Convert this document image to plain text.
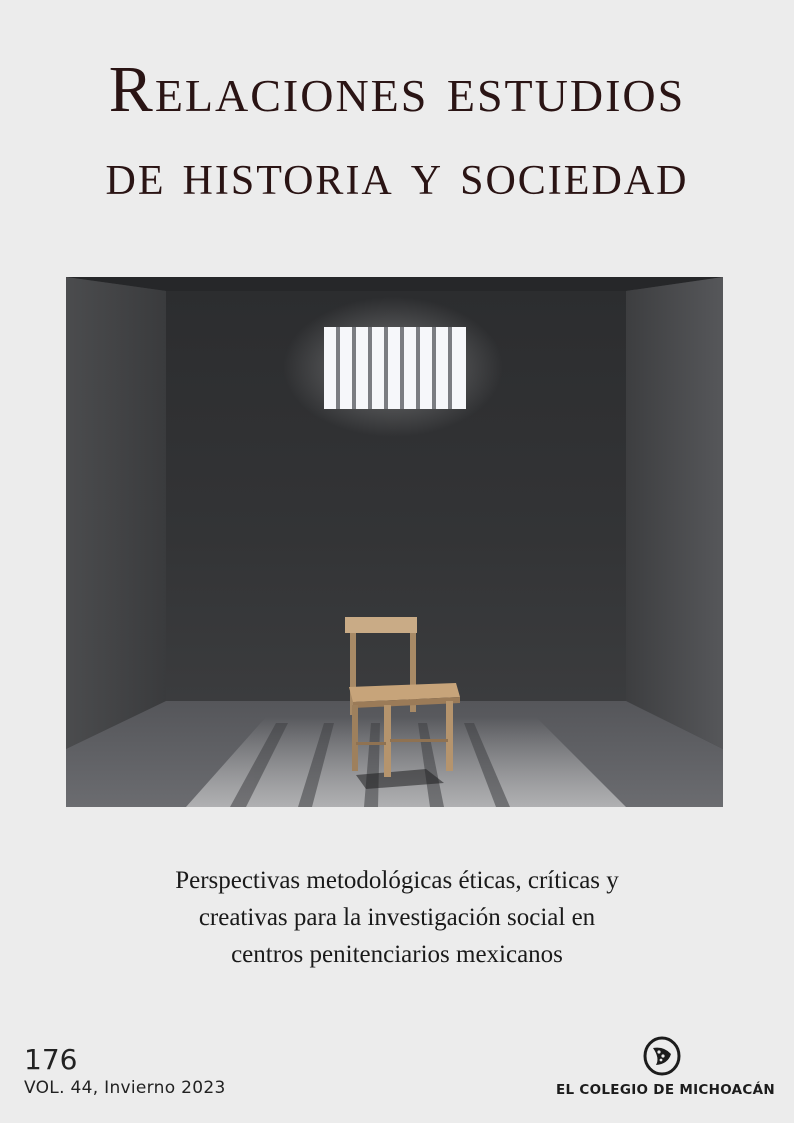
Relaciones estudios
de historia y sociedad
Perspectivas metodológicas éticas, críticas y
creativas para la investigación social en
centros penitenciarios mexicanos
176
VOL. 44, Invierno 2023	EL COLEGIO DE MICHOACÁN
